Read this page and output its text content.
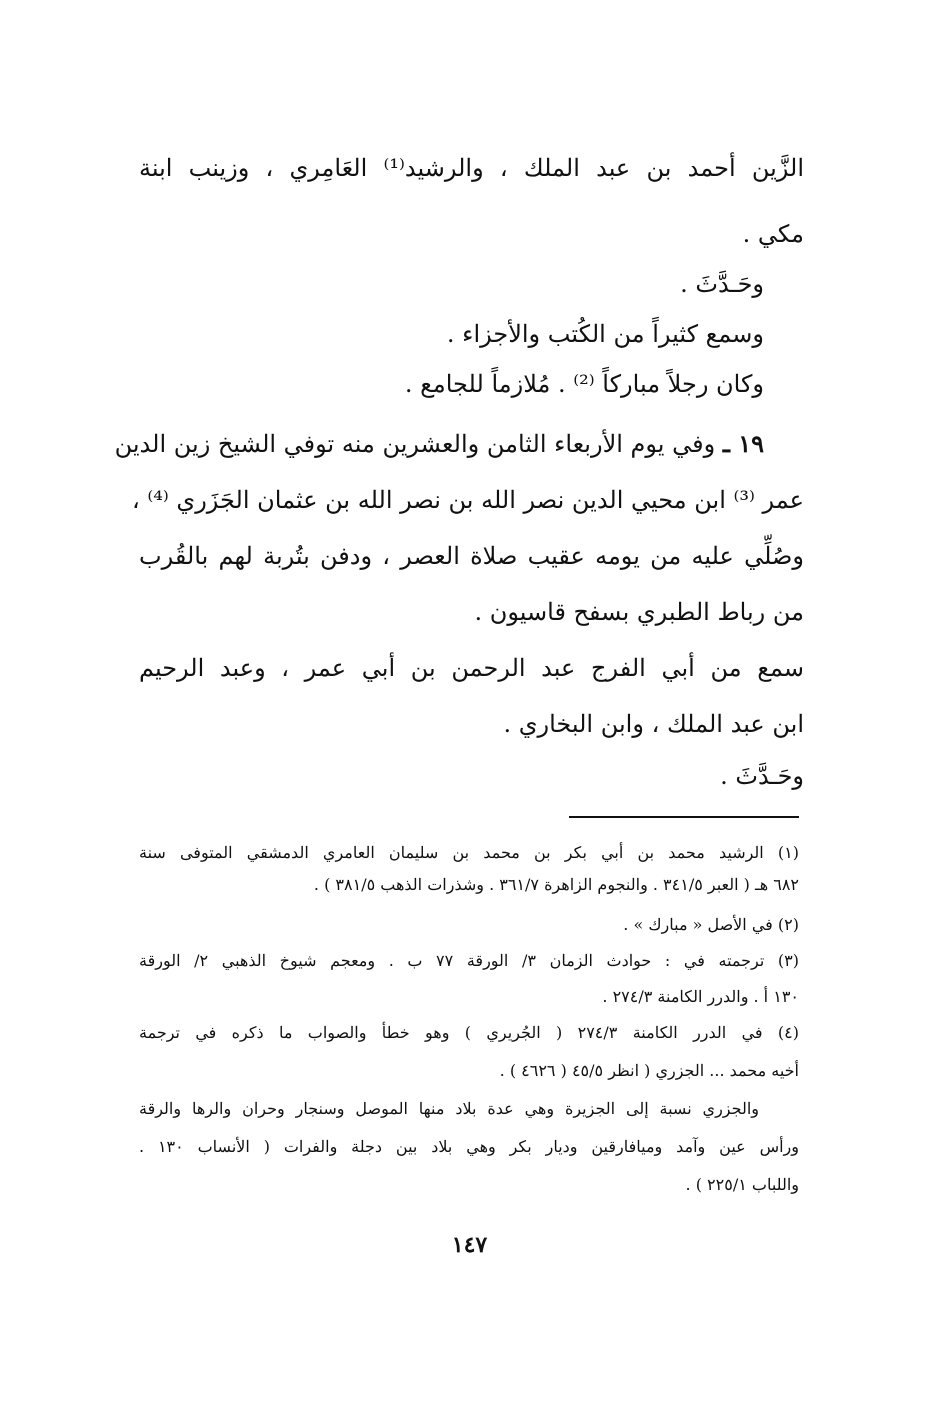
الزَّين أحمد بن عبد الملك ، والرشيد⁽¹⁾ العَامِري ، وزينب ابنة
مكي .
وحَـدَّثَ .
وسمع كثيراً من الكُتب والأجزاء .
وكان رجلاً مباركاً ⁽²⁾ . مُلازماً للجامع .
١٩ ـ وفي يوم الأربعاء الثامن والعشرين منه توفي الشيخ زين الدين
عمر ⁽³⁾ ابن محيي الدين نصر الله بن نصر الله بن عثمان الجَزَري ⁽⁴⁾ ،
وصُلِّي عليه من يومه عقيب صلاة العصر ، ودفن بتُربة لهم بالقُرب
من رباط الطبري بسفح قاسيون .
سمع من أبي الفرج عبد الرحمن بن أبي عمر ، وعبد الرحيم
ابن عبد الملك ، وابن البخاري .
وحَـدَّثَ .
(١) الرشيد محمد بن أبي بكر بن محمد بن سليمان العامري الدمشقي المتوفى سنة
٦٨٢ هـ ( العبر ٣٤١/٥ . والنجوم الزاهرة ٣٦١/٧ . وشذرات الذهب ٣٨١/٥ ) .
(٢) في الأصل « مبارك » .
(٣) ترجمته في : حوادث الزمان ٣/ الورقة ٧٧ ب . ومعجم شيوخ الذهبي ٢/ الورقة
١٣٠ أ . والدرر الكامنة ٢٧٤/٣ .
(٤) في الدرر الكامنة ٢٧٤/٣ ( الجُريري ) وهو خطأ والصواب ما ذكره في ترجمة
أخيه محمد ... الجزري ( انظر ٤٥/٥ ( ٤٦٢٦ ) .
والجزري نسبة إلى الجزيرة وهي عدة بلاد منها الموصل وسنجار وحران والرها والرقة
ورأس عين وآمد وميافارقين وديار بكر وهي بلاد بين دجلة والفرات ( الأنساب ١٣٠ .
واللباب ٢٢٥/١ ) .
١٤٧
